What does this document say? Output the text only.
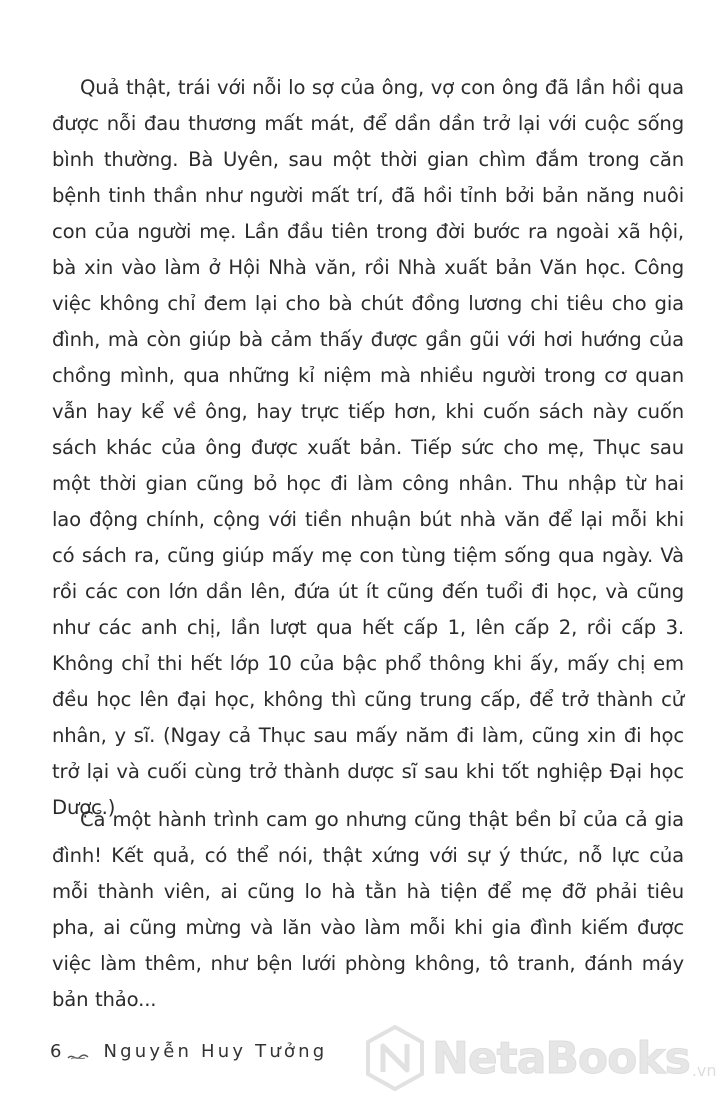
Quả thật, trái với nỗi lo sợ của ông, vợ con ông đã lần hồi qua được nỗi đau thương mất mát, để dần dần trở lại với cuộc sống bình thường. Bà Uyên, sau một thời gian chìm đắm trong căn bệnh tinh thần như người mất trí, đã hồi tỉnh bởi bản năng nuôi con của người mẹ. Lần đầu tiên trong đời bước ra ngoài xã hội, bà xin vào làm ở Hội Nhà văn, rồi Nhà xuất bản Văn học. Công việc không chỉ đem lại cho bà chút đồng lương chi tiêu cho gia đình, mà còn giúp bà cảm thấy được gần gũi với hơi hướng của chồng mình, qua những kỉ niệm mà nhiều người trong cơ quan vẫn hay kể về ông, hay trực tiếp hơn, khi cuốn sách này cuốn sách khác của ông được xuất bản. Tiếp sức cho mẹ, Thục sau một thời gian cũng bỏ học đi làm công nhân. Thu nhập từ hai lao động chính, cộng với tiền nhuận bút nhà văn để lại mỗi khi có sách ra, cũng giúp mấy mẹ con tùng tiệm sống qua ngày. Và rồi các con lớn dần lên, đứa út ít cũng đến tuổi đi học, và cũng như các anh chị, lần lượt qua hết cấp 1, lên cấp 2, rồi cấp 3. Không chỉ thi hết lớp 10 của bậc phổ thông khi ấy, mấy chị em đều học lên đại học, không thì cũng trung cấp, để trở thành cử nhân, y sĩ. (Ngay cả Thục sau mấy năm đi làm, cũng xin đi học trở lại và cuối cùng trở thành dược sĩ sau khi tốt nghiệp Đại học Dược.)

Cả một hành trình cam go nhưng cũng thật bền bỉ của cả gia đình! Kết quả, có thể nói, thật xứng với sự ý thức, nỗ lực của mỗi thành viên, ai cũng lo hà tằn hà tiện để mẹ đỡ phải tiêu pha, ai cũng mừng và lăn vào làm mỗi khi gia đình kiếm được việc làm thêm, như bện lưới phòng không, tô tranh, đánh máy bản thảo...

6 Nguyễn Huy Tưởng NetaBooks .vn
